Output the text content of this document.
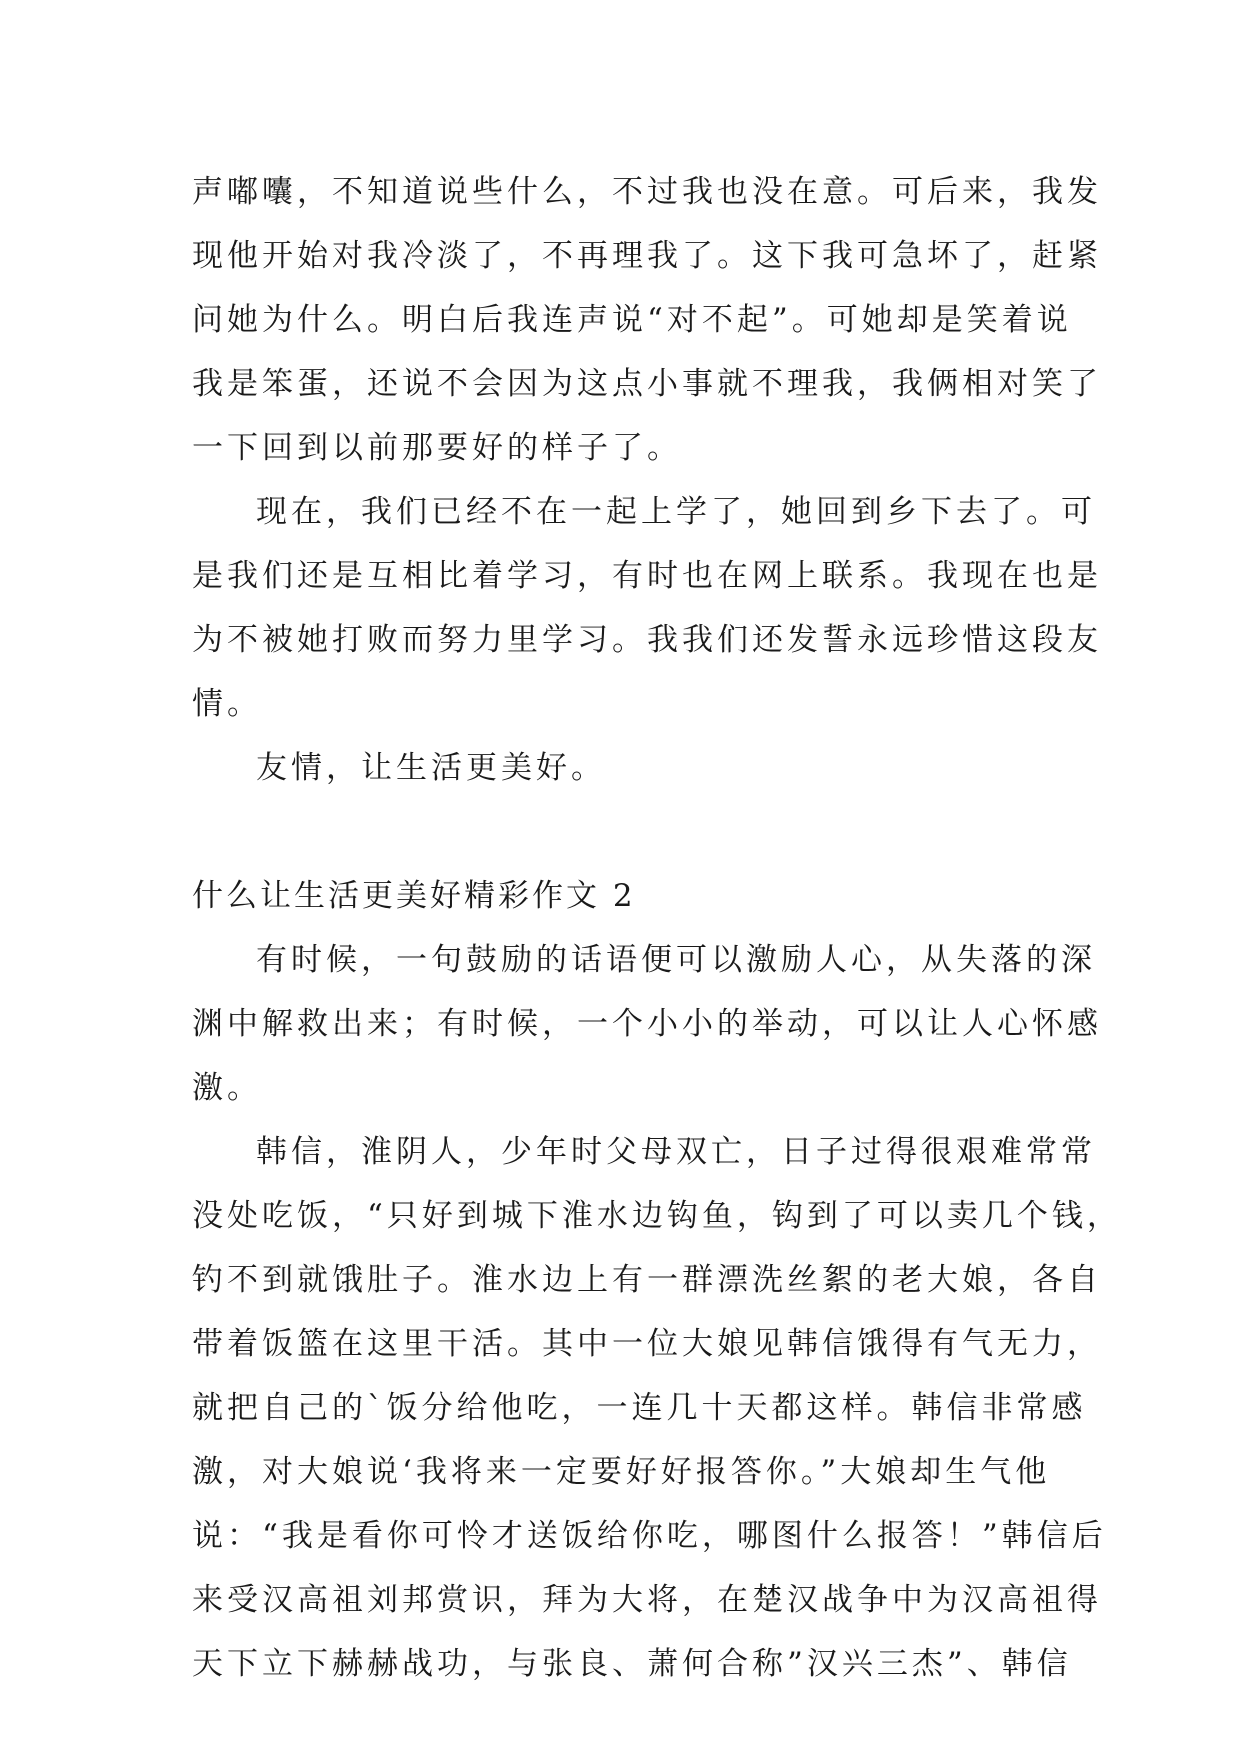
声嘟囔，不知道说些什么，不过我也没在意。可后来，我发
现他开始对我冷淡了，不再理我了。这下我可急坏了，赶紧
问她为什么。明白后我连声说“对不起”。可她却是笑着说
我是笨蛋，还说不会因为这点小事就不理我，我俩相对笑了
一下回到以前那要好的样子了。
现在，我们已经不在一起上学了，她回到乡下去了。可
是我们还是互相比着学习，有时也在网上联系。我现在也是
为不被她打败而努力里学习。我我们还发誓永远珍惜这段友
情。
友情，让生活更美好。
什么让生活更美好精彩作文 2
有时候，一句鼓励的话语便可以激励人心，从失落的深
渊中解救出来；有时候，一个小小的举动，可以让人心怀感
激。
韩信，淮阴人，少年时父母双亡，日子过得很艰难常常
没处吃饭，“只好到城下淮水边钩鱼，钩到了可以卖几个钱，
钓不到就饿肚子。淮水边上有一群漂洗丝絮的老大娘，各自
带着饭篮在这里干活。其中一位大娘见韩信饿得有气无力，
就把自己的`饭分给他吃，一连几十天都这样。韩信非常感
激，对大娘说‘我将来一定要好好报答你。”大娘却生气他
说：“我是看你可怜才送饭给你吃，哪图什么报答！”韩信后
来受汉高祖刘邦赏识，拜为大将，在楚汉战争中为汉高祖得
天下立下赫赫战功，与张良、萧何合称”汉兴三杰”、韩信
